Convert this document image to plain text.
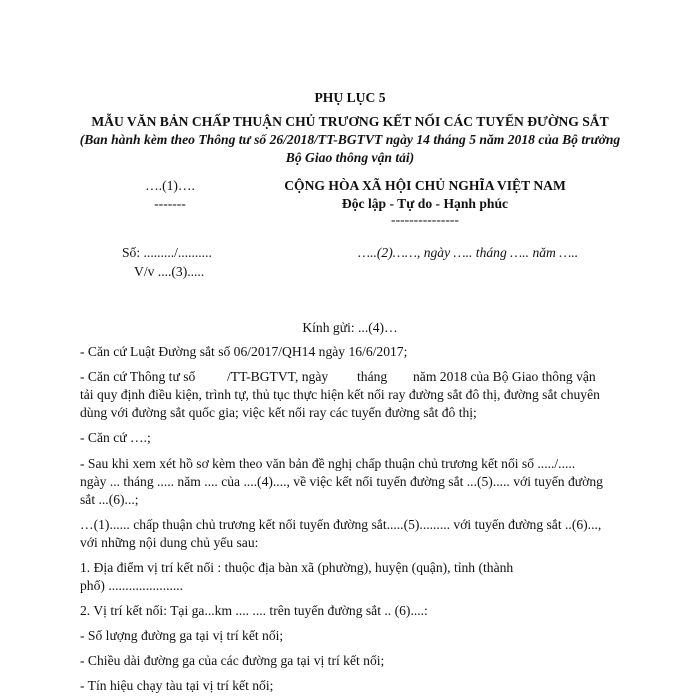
PHỤ LỤC 5
MẪU VĂN BẢN CHẤP THUẬN CHỦ TRƯƠNG KẾT NỐI CÁC TUYẾN ĐƯỜNG SẮT
(Ban hành kèm theo Thông tư số 26/2018/TT-BGTVT ngày 14 tháng 5 năm 2018 của Bộ trưởng
Bộ Giao thông vận tải)
….(1)….
-------
Số: ........./..........
V/v ....(3).....
CỘNG HÒA XÃ HỘI CHỦ NGHĨA VIỆT NAM
Độc lập - Tự do - Hạnh phúc
---------------
…..(2)……, ngày ….. tháng ….. năm …..
Kính gửi: ...(4)…
- Căn cứ Luật Đường sắt số 06/2017/QH14 ngày 16/6/2017;
- Căn cứ Thông tư số /TT-BGTVT, ngày tháng năm 2018 của Bộ Giao thông vận
tải quy định điều kiện, trình tự, thủ tục thực hiện kết nối ray đường sắt đô thị, đường sắt chuyên
dùng với đường sắt quốc gia; việc kết nối ray các tuyến đường sắt đô thị;
- Căn cứ ….;
- Sau khi xem xét hồ sơ kèm theo văn bản đề nghị chấp thuận chủ trương kết nối số ...../.....
ngày ... tháng ..... năm .... của ....(4)...., về việc kết nối tuyến đường sắt ...(5)..... với tuyến đường
sắt ...(6)...;
…(1)...... chấp thuận chủ trương kết nối tuyến đường sắt.....(5)......... với tuyến đường sắt ..(6)...,
với những nội dung chủ yếu sau:
1. Địa điểm vị trí kết nối : thuộc địa bàn xã (phường), huyện (quận), tỉnh (thành
phố) ......................
2. Vị trí kết nối: Tại ga...km .... .... trên tuyến đường sắt .. (6)....:
- Số lượng đường ga tại vị trí kết nối;
- Chiều dài đường ga của các đường ga tại vị trí kết nối;
- Tín hiệu chạy tàu tại vị trí kết nối;
